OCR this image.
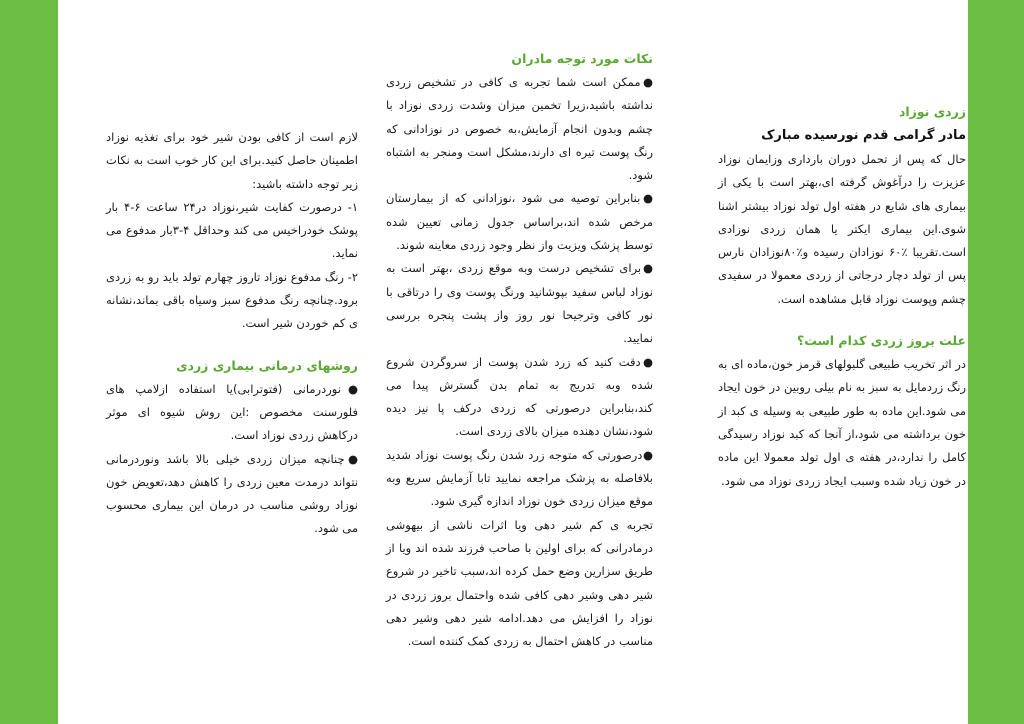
لازم است از کافی بودن شیر خود برای تغذیه نوزاد اطمینان حاصل کنید.برای این کار خوب است به نکات زیر توجه داشته باشید:

۱- درصورت کفایت شیر،نوزاد در۲۴ ساعت ۶-۴ بار پوشک خودراخیس می کند وحداقل ۴-۳بار مدفوع می نماید.

۲- رنگ مدفوع نوزاد تاروز چهارم تولد باید رو به زردی برود.چنانچه رنگ مدفوع سبز وسیاه باقی بماند،نشانه ی کم خوردن شیر است.

روشهای درمانی بیماری زردی

●نوردرمانی (فتوترابی)یا استفاده ازلامپ های فلورسنت مخصوص :این روش شیوه ای موثر درکاهش زردی نوزاد است.

●چنانچه میزان زردی خیلی بالا باشد ونوردرمانی نتواند درمدت معین زردی را کاهش دهد،تعویض خون نوزاد روشی مناسب در درمان این بیماری محسوب می شود.

نکات مورد توجه مادران

●ممکن است شما تجربه ی کافی در تشخیص زردی نداشته باشید،زیرا تخمین میزان وشدت زردی نوزاد با چشم وبدون انجام آزمایش،به خصوص در نوزادانی که رنگ پوست تیره ای دارند،مشکل است ومنجر به اشتباه شود.

●بنابراین توصیه می شود ،نوزادانی که از بیمارستان مرخص شده اند،براساس جدول زمانی تعیین شده توسط پزشک ویزیت واز نظر وجود زردی معاینه شوند.

●برای تشخیص درست وبه موقع زردی ،بهتر است به نوزاد لباس سفید بپوشانید ورنگ پوست وی را درتاقی با نور کافی وترجیحا نور روز واز پشت پنجره بررسی نمایید.

●دقت کنید که زرد شدن پوست از سروگردن شروع شده وبه تدریج به تمام بدن گسترش پیدا می کند،بنابراین درصورتی که زردی درکف پا نیز دیده شود،نشان دهنده میزان بالای زردی است.

●درصورتی که متوجه زرد شدن رنگ پوست نوزاد شدید بلافاصله به پزشک مراجعه نمایید تابا آزمایش سریع وبه موقع میزان زردی خون نوزاد اندازه گیری شود.

تجربه ی کم شیر دهی ویا اثرات ناشی از بیهوشی درمادرانی که برای اولین با صاحب فرزند شده اند ویا از طریق سزارین وضع حمل کرده اند،سبب تاخیر در شروع شیر دهی وشیر دهی کافی شده واحتمال بروز زردی در نوزاد را افزایش می دهد.ادامه شیر دهی وشیر دهی مناسب در کاهش احتمال به زردی کمک کننده است.

زردی نوزاد

مادر گرامی قدم نورسیده مبارک

حال که پس از تحمل دوران بارداری وزایمان نوزاد عزیزت را درآغوش گرفته ای،بهتر است با یکی از بیماری های شایع در هفته اول تولد نوزاد بیشتر اشنا شوی.این بیماری ایکتر یا همان زردی نوزادی است.تقریبا ٪۶۰ نوزادان رسیده و٪۸۰نوزادان نارس پس از تولد دچار درجاتی از زردی معمولا در سفیدی چشم وپوست نوزاد قابل مشاهده است.

علت بروز زردی کدام است؟

در اثر تخریب طبیعی گلبولهای قرمز خون،ماده ای به رنگ زردمایل به سبز به نام بیلی روبین در خون ایجاد می شود.این ماده به طور طبیعی به وسیله ی کبد از خون برداشته می شود،از آنجا که کبد نوزاد رسیدگی کامل را ندارد،در هفته ی اول تولد معمولا این ماده در خون زیاد شده وسبب ایجاد زردی نوزاد می شود.
